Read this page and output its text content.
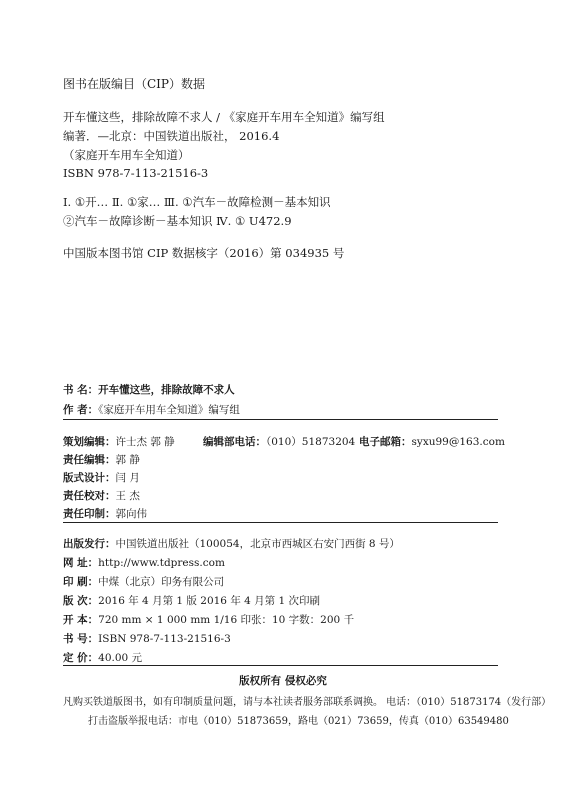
图书在版编目（CIP）数据
开车懂这些，排除故障不求人 / 《家庭开车用车全知道》编写组
编著．—北京：中国铁道出版社， 2016.4
（家庭开车用车全知道）
ISBN 978-7-113-21516-3
Ⅰ. ①开… Ⅱ. ①家… Ⅲ. ①汽车－故障检测－基本知识
②汽车－故障诊断－基本知识 Ⅳ. ① U472.9
中国版本图书馆 CIP 数据核字（2016）第 034935 号
书 名：开车懂这些，排除故障不求人
作 者：《家庭开车用车全知道》编写组
策划编辑：许士杰 郭 静	编辑部电话：（010）51873204 电子邮箱：syxu99@163.com
责任编辑：郭 静
版式设计：闫 月
责任校对：王 杰
责任印制：郭向伟
出版发行：中国铁道出版社（100054，北京市西城区右安门西街 8 号）
网 址：http://www.tdpress.com
印 刷：中煤（北京）印务有限公司
版 次：2016 年 4 月第 1 版 2016 年 4 月第 1 次印刷
开 本：720 mm × 1 000 mm 1/16 印张：10 字数：200 千
书 号：ISBN 978-7-113-21516-3
定 价：40.00 元
版权所有 侵权必究
凡购买铁道版图书，如有印制质量问题，请与本社读者服务部联系调换。 电话：（010）51873174（发行部）
打击盗版举报电话：市电（010）51873659，路电（021）73659，传真（010）63549480
